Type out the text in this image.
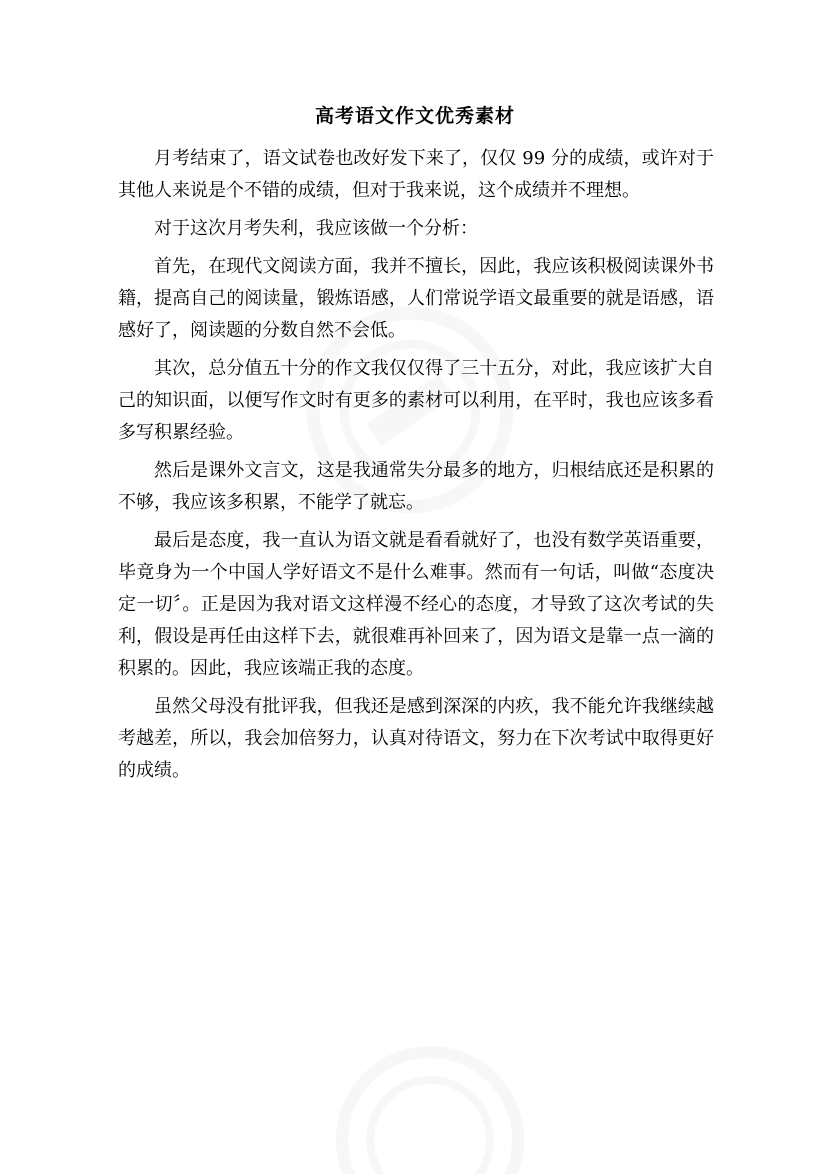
高考语文作文优秀素材

月考结束了，语文试卷也改好发下来了，仅仅 99 分的成绩，或许对于其他人来说是个不错的成绩，但对于我来说，这个成绩并不理想。

对于这次月考失利，我应该做一个分析：

首先，在现代文阅读方面，我并不擅长，因此，我应该积极阅读课外书籍，提高自己的阅读量，锻炼语感，人们常说学语文最重要的就是语感，语感好了，阅读题的分数自然不会低。

其次，总分值五十分的作文我仅仅得了三十五分，对此，我应该扩大自己的知识面，以便写作文时有更多的素材可以利用，在平时，我也应该多看多写积累经验。

然后是课外文言文，这是我通常失分最多的地方，归根结底还是积累的不够，我应该多积累，不能学了就忘。

最后是态度，我一直认为语文就是看看就好了，也没有数学英语重要，毕竟身为一个中国人学好语文不是什么难事。然而有一句话，叫做“态度决定一切〞。正是因为我对语文这样漫不经心的态度，才导致了这次考试的失利，假设是再任由这样下去，就很难再补回来了，因为语文是靠一点一滴的积累的。因此，我应该端正我的态度。

虽然父母没有批评我，但我还是感到深深的内疚，我不能允许我继续越考越差，所以，我会加倍努力，认真对待语文，努力在下次考试中取得更好的成绩。
